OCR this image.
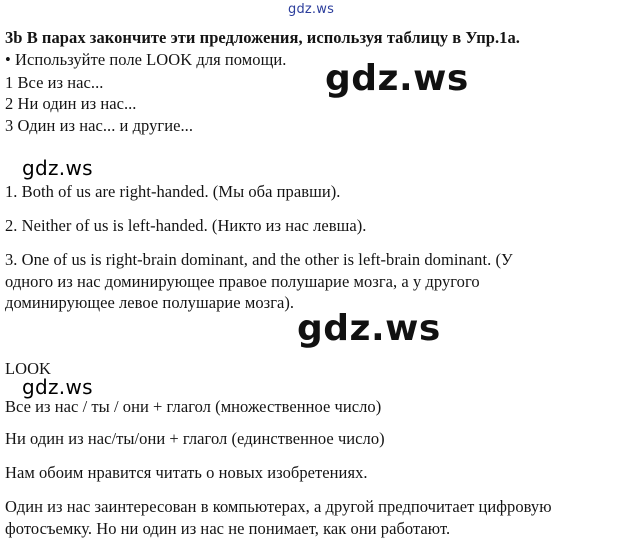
gdz.ws
3b В парах закончите эти предложения, используя таблицу в Упр.1а.
• Используйте поле LOOK для помощи.
1 Все из нас...
2 Ни один из нас...
3 Один из нас... и другие...
gdz.ws
gdz.ws
1. Both of us are right-handed. (Мы оба правши).
2. Neither of us is left-handed. (Никто из нас левша).
3. One of us is right-brain dominant, and the other is left-brain dominant. (У
одного из нас доминирующее правое полушарие мозга, а у другого
доминирующее левое полушарие мозга).
gdz.ws
LOOK
gdz.ws
Все из нас / ты / они + глагол (множественное число)
Ни один из нас/ты/они + глагол (единственное число)
Нам обоим нравится читать о новых изобретениях.
Один из нас заинтересован в компьютерах, а другой предпочитает цифровую
фотосъемку. Но ни один из нас не понимает, как они работают.
